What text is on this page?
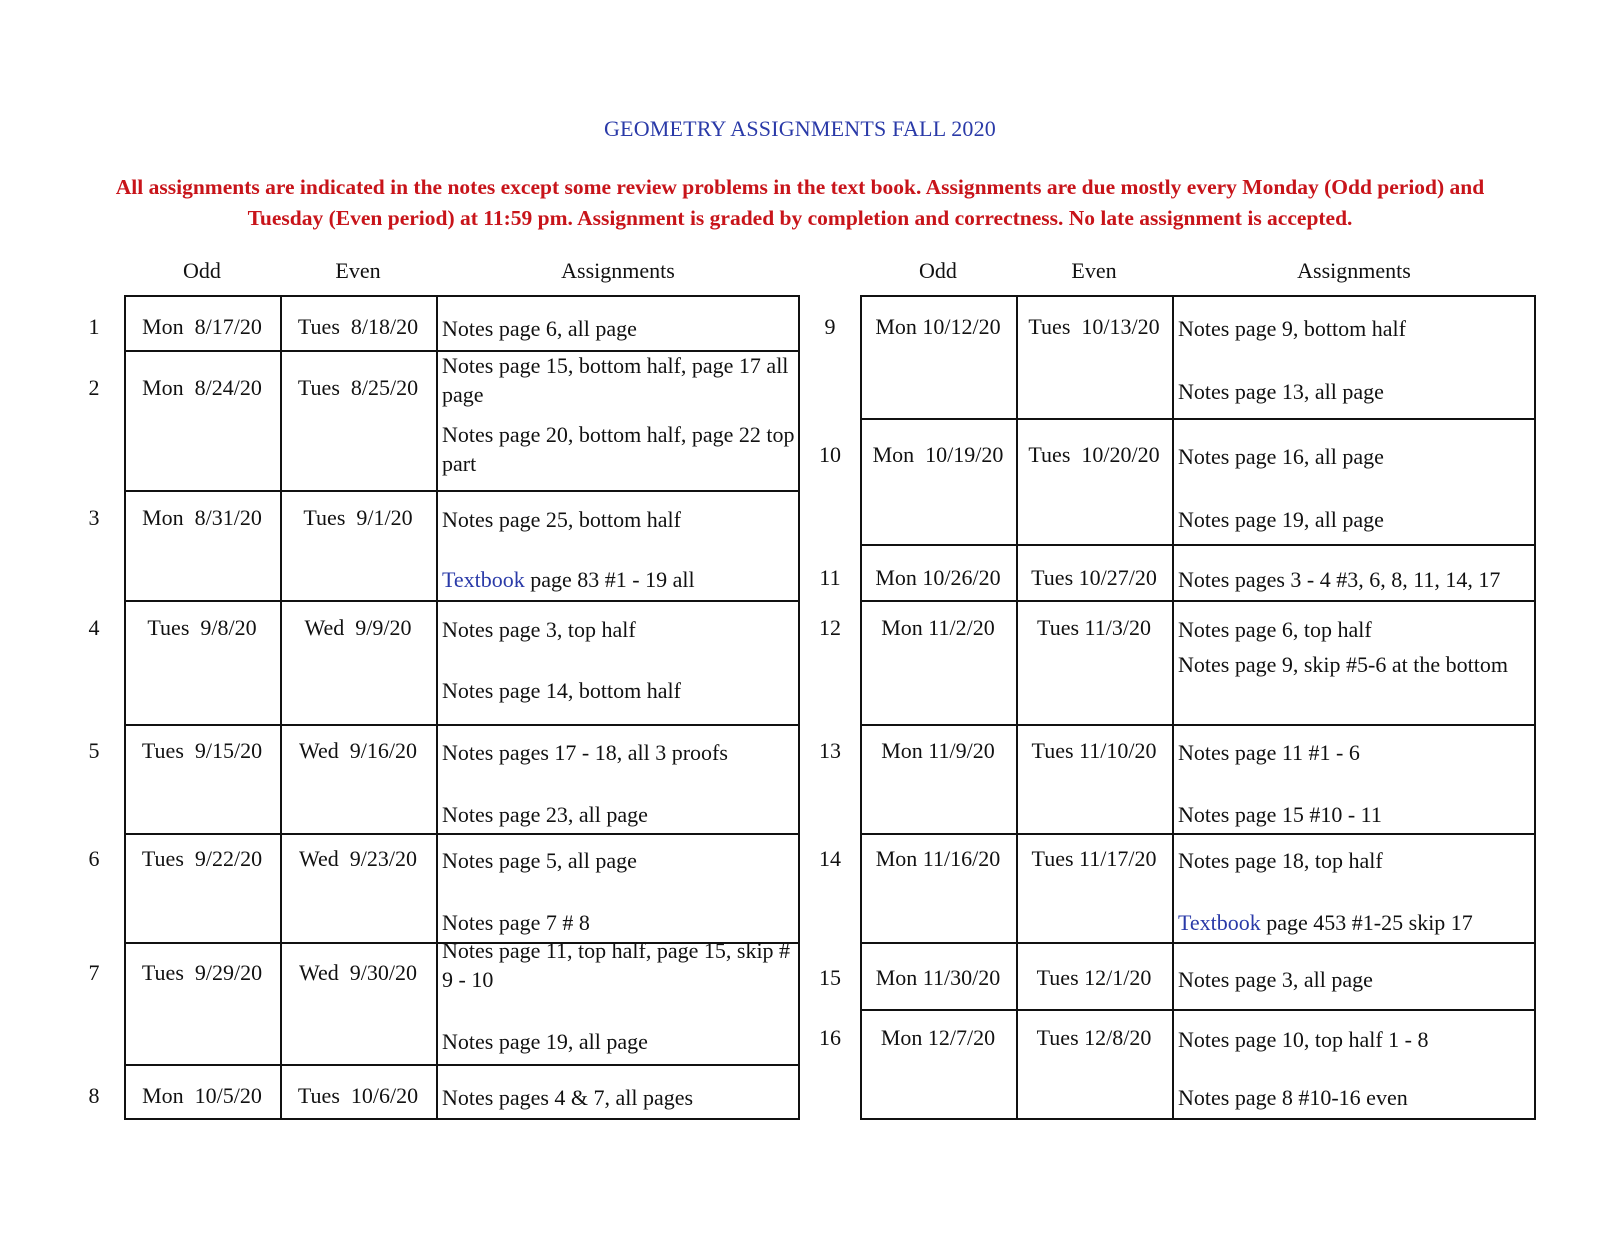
GEOMETRY ASSIGNMENTS FALL 2020
All assignments are indicated in the notes except some review problems in the text book. Assignments are due mostly every Monday (Odd period) and Tuesday (Even period) at 11:59 pm. Assignment is graded by completion and correctness. No late assignment is accepted.
Odd	Even	Assignments	Odd	Even	Assignments
1	Mon  8/17/20	Tues  8/18/20	Notes page 6, all page
2	Mon  8/24/20	Tues  8/25/20
Notes page 15, bottom half, page 17 all page
Notes page 20, bottom half, page 22 top part
3	Mon  8/31/20	Tues  9/1/20	Notes page 25, bottom half
Textbook page 83 #1 - 19 all
4	Tues  9/8/20	Wed  9/9/20	Notes page 3, top half
Notes page 14, bottom half
5	Tues  9/15/20	Wed  9/16/20	Notes pages 17 - 18, all 3 proofs
Notes page 23, all page
6	Tues  9/22/20	Wed  9/23/20	Notes page 5, all page
Notes page 7 # 8
7	Tues  9/29/20	Wed  9/30/20
Notes page 11, top half, page 15, skip # 9 - 10
Notes page 19, all page
8	Mon  10/5/20	Tues  10/6/20	Notes pages 4 & 7, all pages
9	Mon 10/12/20	Tues  10/13/20 Notes page 9, bottom half
Notes page 13, all page
10	Mon  10/19/20	Tues  10/20/20 Notes page 16, all page
Notes page 19, all page
11	Mon 10/26/20	Tues 10/27/20 Notes pages 3 - 4 #3, 6, 8, 11, 14, 17
12	Mon 11/2/20	Tues 11/3/20	Notes page 6, top half
Notes page 9, skip #5-6 at the bottom
13	Mon 11/9/20	Tues 11/10/20 Notes page 11 #1 - 6
Notes page 15 #10 - 11
14	Mon 11/16/20	Tues 11/17/20 Notes page 18, top half
Textbook page 453 #1-25 skip 17
15	Mon 11/30/20	Tues 12/1/20	Notes page 3, all page
16	Mon 12/7/20	Tues 12/8/20	Notes page 10, top half 1 - 8
Notes page 8 #10-16 even
